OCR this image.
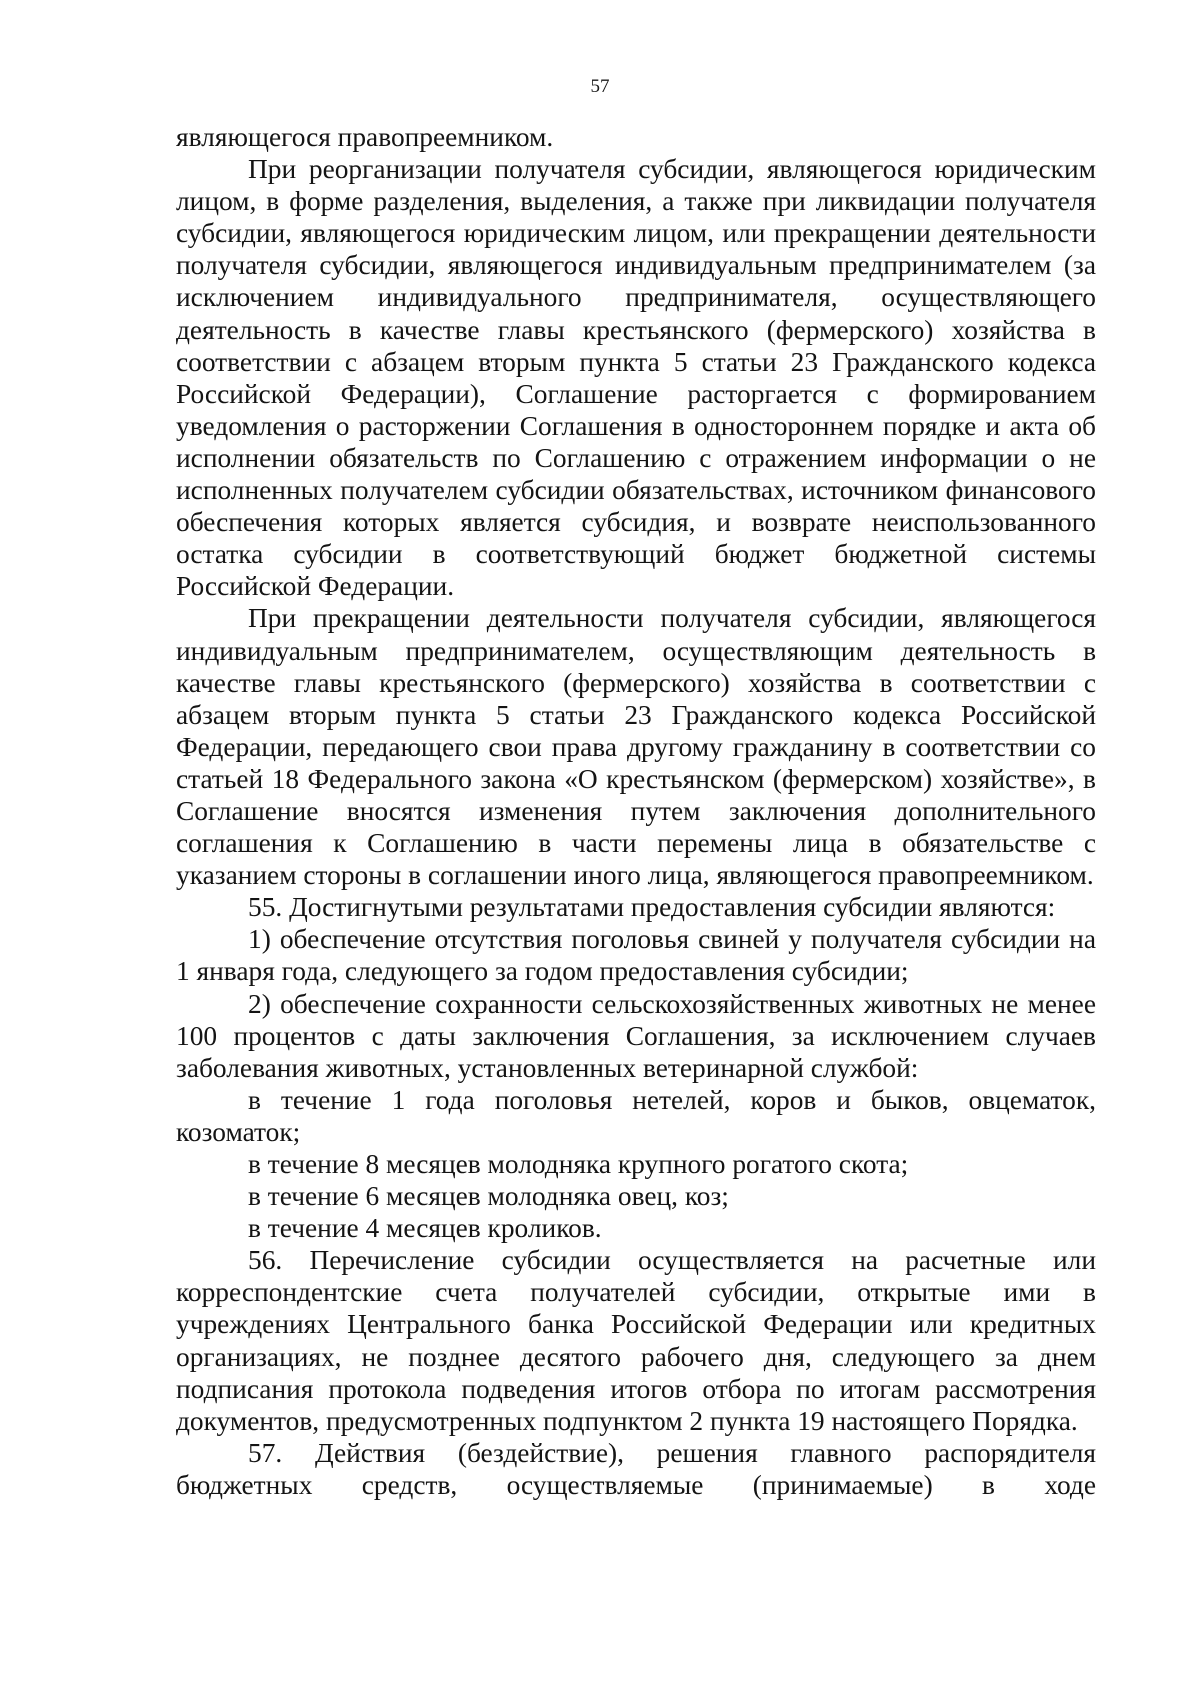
57

являющегося правопреемником.

При реорганизации получателя субсидии, являющегося юридическим лицом, в форме разделения, выделения, а также при ликвидации получателя субсидии, являющегося юридическим лицом, или прекращении деятельности получателя субсидии, являющегося индивидуальным предпринимателем (за исключением индивидуального предпринимателя, осуществляющего деятельность в качестве главы крестьянского (фермерского) хозяйства в соответствии с абзацем вторым пункта 5 статьи 23 Гражданского кодекса Российской Федерации), Соглашение расторгается с формированием уведомления о расторжении Соглашения в одностороннем порядке и акта об исполнении обязательств по Соглашению с отражением информации о не исполненных получателем субсидии обязательствах, источником финансового обеспечения которых является субсидия, и возврате неиспользованного остатка субсидии в соответствующий бюджет бюджетной системы Российской Федерации.

При прекращении деятельности получателя субсидии, являющегося индивидуальным предпринимателем, осуществляющим деятельность в качестве главы крестьянского (фермерского) хозяйства в соответствии с абзацем вторым пункта 5 статьи 23 Гражданского кодекса Российской Федерации, передающего свои права другому гражданину в соответствии со статьей 18 Федерального закона «О крестьянском (фермерском) хозяйстве», в Соглашение вносятся изменения путем заключения дополнительного соглашения к Соглашению в части перемены лица в обязательстве с указанием стороны в соглашении иного лица, являющегося правопреемником.

55. Достигнутыми результатами предоставления субсидии являются:

1) обеспечение отсутствия поголовья свиней у получателя субсидии на 1 января года, следующего за годом предоставления субсидии;

2) обеспечение сохранности сельскохозяйственных животных не менее 100 процентов с даты заключения Соглашения, за исключением случаев заболевания животных, установленных ветеринарной службой:

в течение 1 года поголовья нетелей, коров и быков, овцематок, козоматок;

в течение 8 месяцев молодняка крупного рогатого скота;

в течение 6 месяцев молодняка овец, коз;

в течение 4 месяцев кроликов.

56. Перечисление субсидии осуществляется на расчетные или корреспондентские счета получателей субсидии, открытые ими в учреждениях Центрального банка Российской Федерации или кредитных организациях, не позднее десятого рабочего дня, следующего за днем подписания протокола подведения итогов отбора по итогам рассмотрения документов, предусмотренных подпунктом 2 пункта 19 настоящего Порядка.

57. Действия (бездействие), решения главного распорядителя бюджетных средств, осуществляемые (принимаемые) в ходе
